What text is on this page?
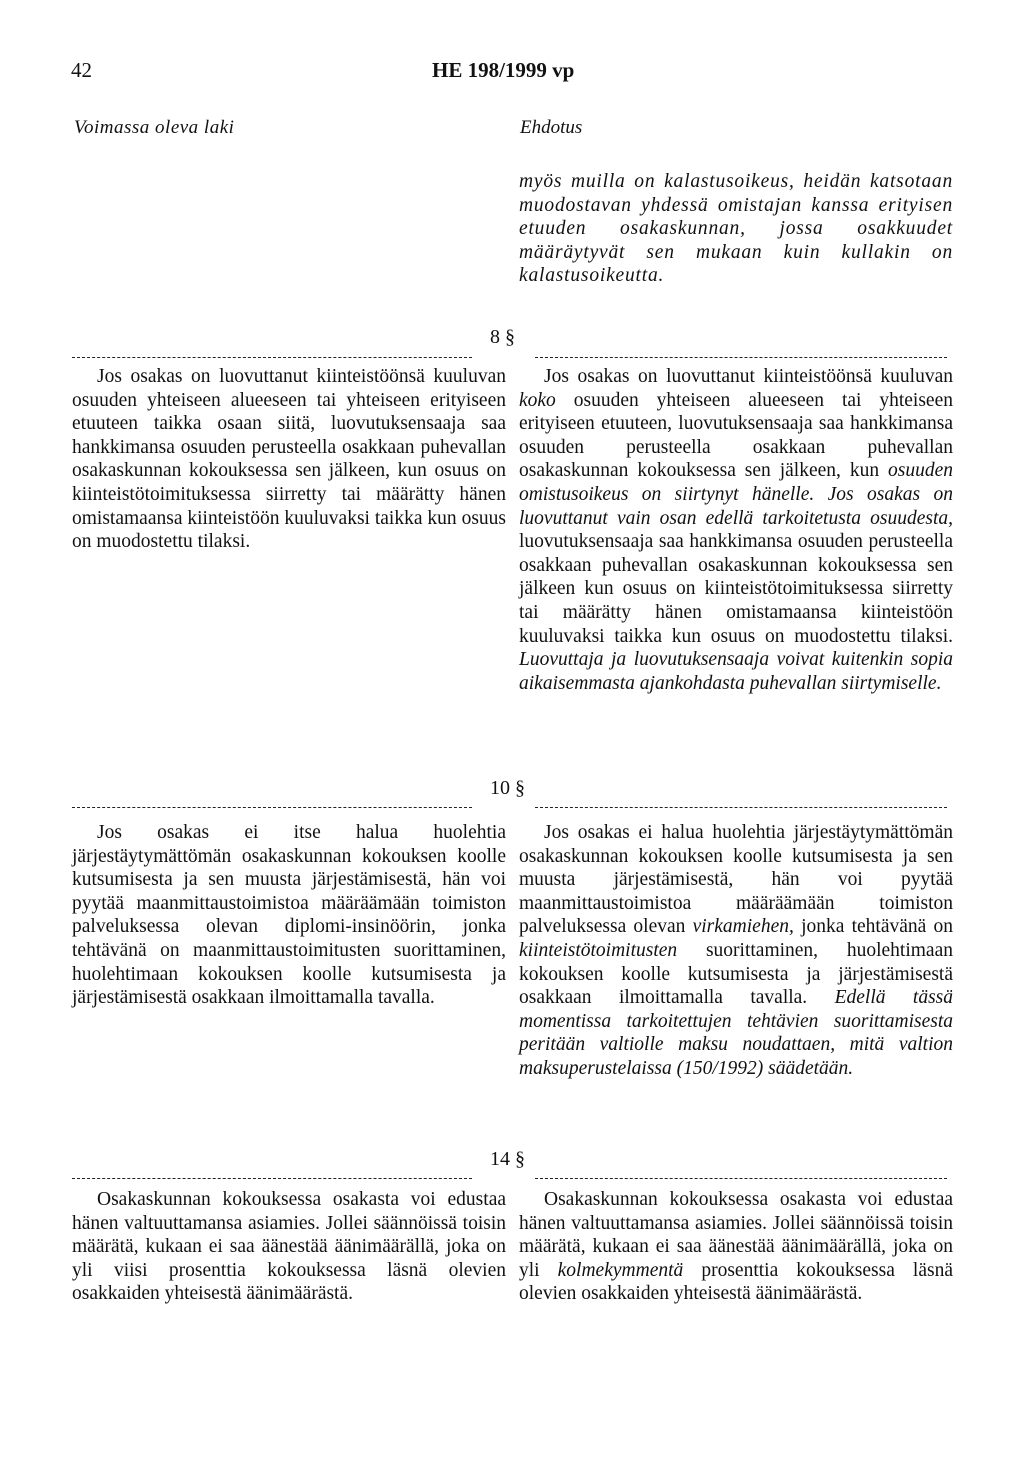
42	HE 198/1999 vp
Voimassa oleva laki	Ehdotus
myös muilla on kalastusoikeus, heidän katsotaan muodostavan yhdessä omistajan kanssa erityisen etuuden osakaskunnan, jossa osakkuudet määräytyvät sen mukaan kuin kullakin on kalastusoikeutta.
8 §

Jos osakas on luovuttanut kiinteistöönsä kuuluvan osuuden yhteiseen alueeseen tai yhteiseen erityiseen etuuteen taikka osaan siitä, luovutuksensaaja saa hankkimansa osuuden perusteella osakkaan puhevallan osakaskunnan kokouksessa sen jälkeen, kun osuus on kiinteistötoimituksessa siirretty tai määrätty hänen omistamaansa kiinteistöön kuuluvaksi taikka kun osuus on muodostettu tilaksi.

Jos osakas on luovuttanut kiinteistöönsä kuuluvan koko osuuden yhteiseen alueeseen tai yhteiseen erityiseen etuuteen, luovutuksensaaja saa hankkimansa osuuden perusteella osakkaan puhevallan osakaskunnan kokouksessa sen jälkeen, kun osuuden omistusoikeus on siirtynyt hänelle. Jos osakas on luovuttanut vain osan edellä tarkoitetusta osuudesta, luovutuksensaaja saa hankkimansa osuuden perusteella osakkaan puhevallan osakaskunnan kokouksessa sen jälkeen kun osuus on kiinteistötoimituksessa siirretty tai määrätty hänen omistamaansa kiinteistöön kuuluvaksi taikka kun osuus on muodostettu tilaksi. Luovuttaja ja luovutuksensaaja voivat kuitenkin sopia aikaisemmasta ajankohdasta puhevallan siirtymiselle.

10 §

Jos osakas ei itse halua huolehtia järjestäytymättömän osakaskunnan kokouksen koolle kutsumisesta ja sen muusta järjestämisestä, hän voi pyytää maanmittaustoimistoa määräämään toimiston palveluksessa olevan diplomi-insinöörin, jonka tehtävänä on maanmittaustoimitusten suorittaminen, huolehtimaan kokouksen koolle kutsumisesta ja järjestämisestä osakkaan ilmoittamalla tavalla.

Jos osakas ei halua huolehtia järjestäytymättömän osakaskunnan kokouksen koolle kutsumisesta ja sen muusta järjestämisestä, hän voi pyytää maanmittaustoimistoa määräämään toimiston palveluksessa olevan virkamiehen, jonka tehtävänä on kiinteistötoimitusten suorittaminen, huolehtimaan kokouksen koolle kutsumisesta ja järjestämisestä osakkaan ilmoittamalla tavalla. Edellä tässä momentissa tarkoitettujen tehtävien suorittamisesta peritään valtiolle maksu noudattaen, mitä valtion maksuperustelaissa (150/1992) säädetään.

14 §

Osakaskunnan kokouksessa osakasta voi edustaa hänen valtuuttamansa asiamies. Jollei säännöissä toisin määrätä, kukaan ei saa äänestää äänimäärällä, joka on yli viisi prosenttia kokouksessa läsnä olevien osakkaiden yhteisestä äänimäärästä.

Osakaskunnan kokouksessa osakasta voi edustaa hänen valtuuttamansa asiamies. Jollei säännöissä toisin määrätä, kukaan ei saa äänestää äänimäärällä, joka on yli kolmekymmentä prosenttia kokouksessa läsnä olevien osakkaiden yhteisestä äänimäärästä.
